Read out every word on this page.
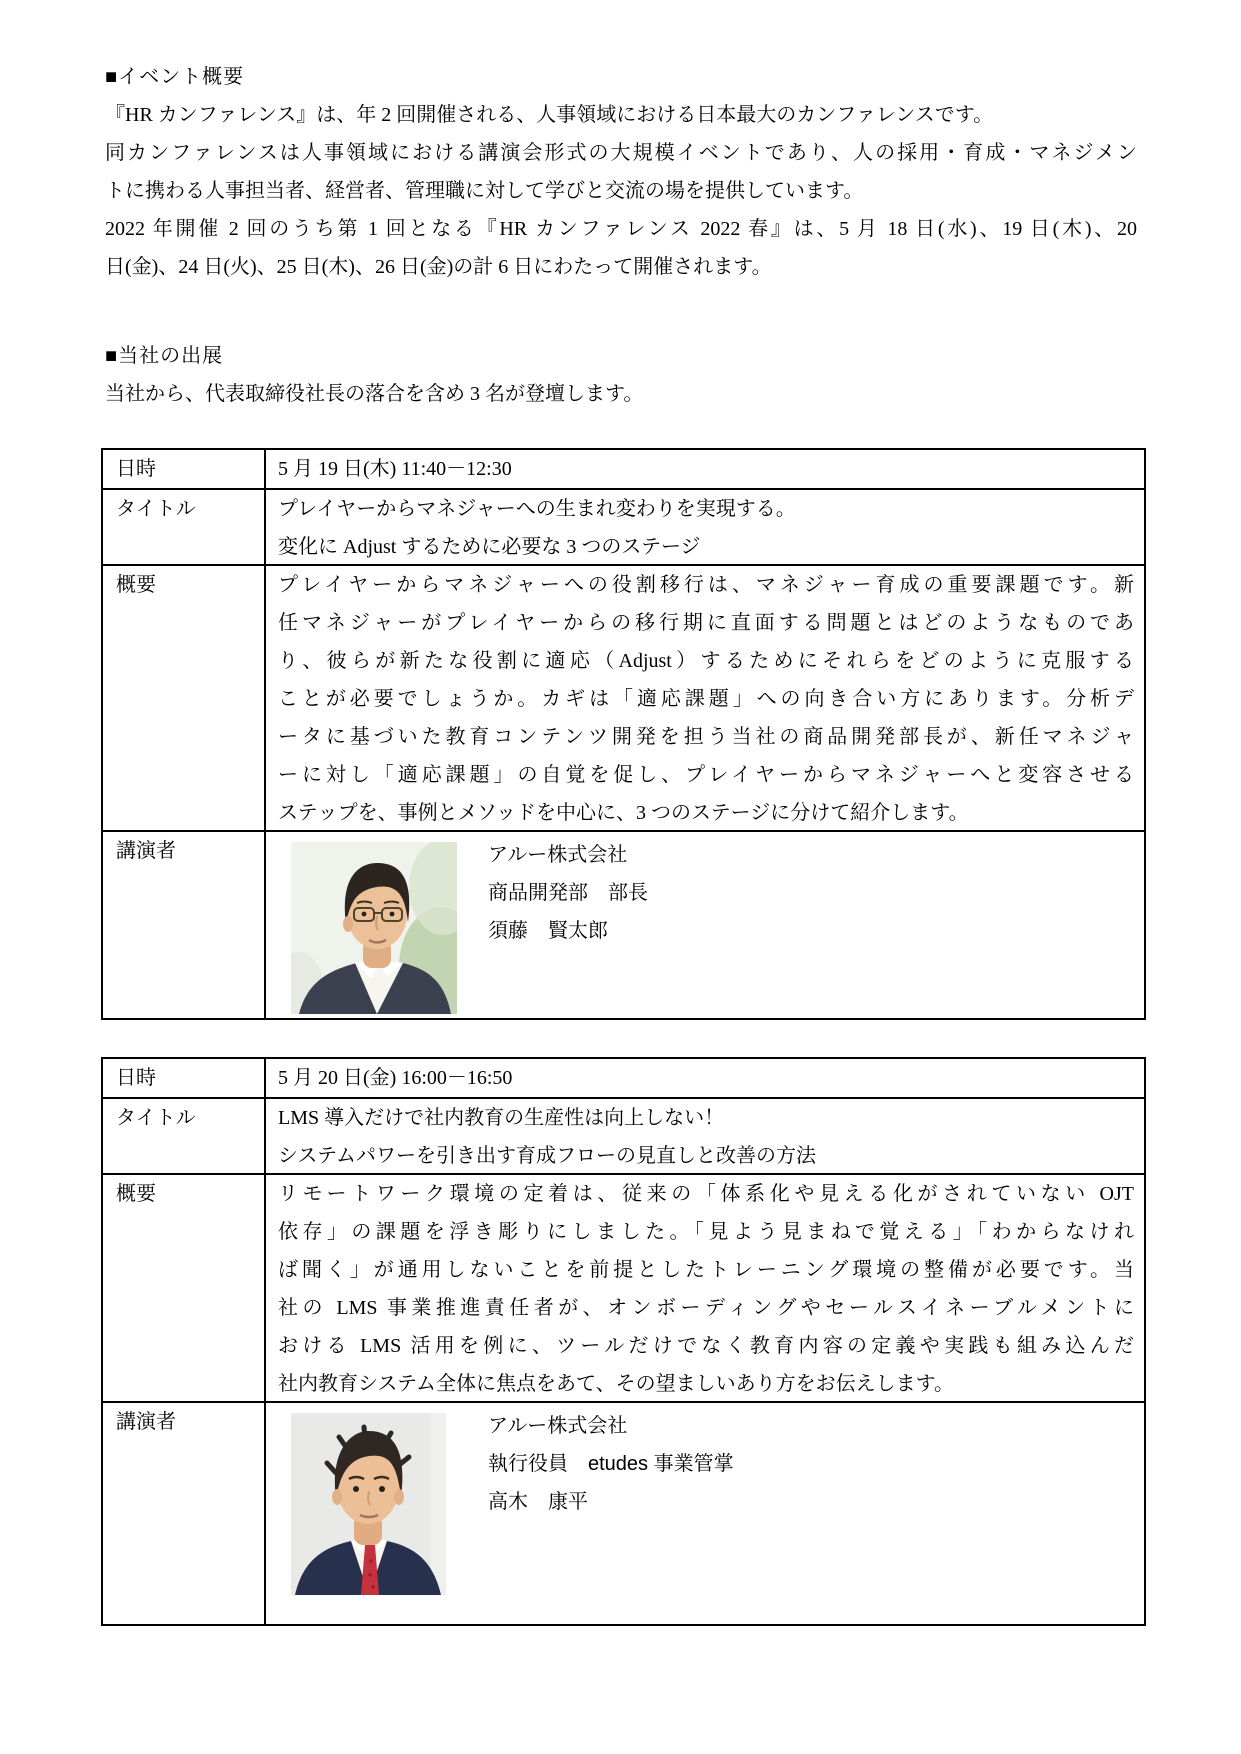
■イベント概要
『HR カンファレンス』は、年 2 回開催される、人事領域における日本最大のカンファレンスです。
同カンファレンスは人事領域における講演会形式の大規模イベントであり、人の採用・育成・マネジメン
トに携わる人事担当者、経営者、管理職に対して学びと交流の場を提供しています。
2022 年開催 2 回のうち第 1 回となる『HR カンファレンス 2022 春』は、5 月 18 日(水)、19 日(木)、20
日(金)、24 日(火)、25 日(木)、26 日(金)の計 6 日にわたって開催されます。
■当社の出展
当社から、代表取締役社長の落合を含め 3 名が登壇します。
日時	5 月 19 日(木) 11:40－12:30
タイトル	プレイヤーからマネジャーへの生まれ変わりを実現する。
変化に Adjust するために必要な 3 つのステージ
概要	プレイヤーからマネジャーへの役割移行は、マネジャー育成の重要課題です。新
任マネジャーがプレイヤーからの移行期に直面する問題とはどのようなものであ
り、彼らが新たな役割に適応（Adjust）するためにそれらをどのように克服する
ことが必要でしょうか。カギは「適応課題」への向き合い方にあります。分析デ
ータに基づいた教育コンテンツ開発を担う当社の商品開発部長が、新任マネジャ
ーに対し「適応課題」の自覚を促し、プレイヤーからマネジャーへと変容させる
ステップを、事例とメソッドを中心に、3 つのステージに分けて紹介します。
講演者	アルー株式会社
商品開発部　部長
須藤　賢太郎
日時	5 月 20 日(金) 16:00－16:50
タイトル	LMS 導入だけで社内教育の生産性は向上しない！
システムパワーを引き出す育成フローの見直しと改善の方法
概要	リモートワーク環境の定着は、従来の「体系化や見える化がされていない OJT
依存」の課題を浮き彫りにしました。「見よう見まねで覚える」「わからなけれ
ば聞く」が通用しないことを前提としたトレーニング環境の整備が必要です。当
社の LMS 事業推進責任者が、オンボーディングやセールスイネーブルメントに
おける LMS 活用を例に、ツールだけでなく教育内容の定義や実践も組み込んだ
社内教育システム全体に焦点をあて、その望ましいあり方をお伝えします。
講演者	アルー株式会社
執行役員　etudes 事業管掌
高木　康平
